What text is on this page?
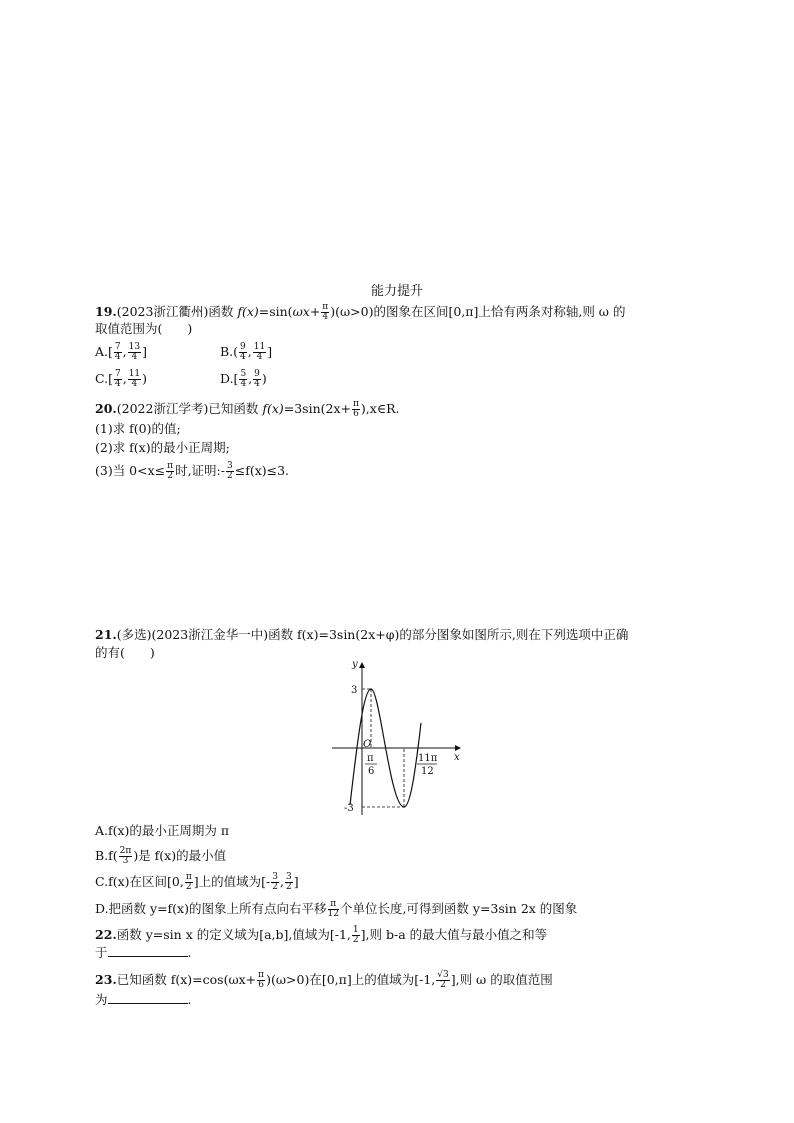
能力提升
19.(2023浙江衢州)函数 $f(x)=\sin(\omega x+ \frac{\pi}{4} )(\omega>0)$的图象在区间[0,π]上恰有两条对称轴,则 ω 的
取值范围为(　　)
$A.[ \frac{7}{4}$ , $\frac{13}{4}$ ]	$B.( \frac{9}{4}$ , $\frac{11}{4}$ ]
$C.[ \frac{7}{4}$ , $\frac{11}{4}$ )	$D.[ \frac{5}{4}$ , $\frac{9}{4}$ )
20.(2022浙江学考)已知函数 $f(x)=3\sin(2x+ \frac{\pi}{6}$ ),x∈R.
(1)求 f(0)的值;
(2)求 f(x)的最小正周期;
(3)当 $0<x\le \frac{\pi}{2}$ 时,证明:- $\frac{3}{2} \le f(x)\le 3$.
21.(多选)(2023浙江金华一中)函数 f(x)=3sin(2x+φ)的部分图象如图所示,则在下列选项中正确
的有(　　)
y
x
O
3
-3
π
6
11π
12
A.f(x)的最小正周期为 π
$B.f( \frac{2\pi}{3}$ )是 f(x)的最小值
C.f(x)在区间[0, $\frac{\pi}{2}$ ]上的值域为[- $\frac{3}{2}$ , $\frac{3}{2}$ ]
D.把函数 y=f(x)的图象上所有点向右平移 $\frac{\pi}{12}$ 个单位长度,可得到函数 y=3sin 2x 的图象
22.函数 y=sin x 的定义域为[a,b],值域为[-1, $\frac{1}{2}$ ],则 b-a 的最大值与最小值之和等
于	.
23.已知函数 $f(x)=\cos(\omega x+ \frac{\pi}{6} )(\omega>0)$在[0,π]上的值域为[-1, $\frac{√3}{2}$ ],则 ω 的取值范围
为	.
